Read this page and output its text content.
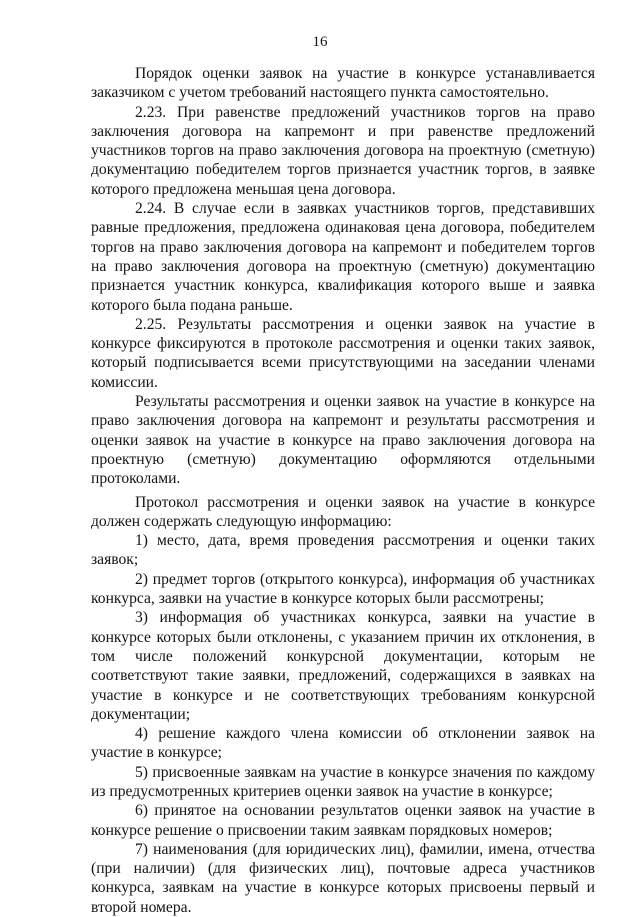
16

Порядок оценки заявок на участие в конкурсе устанавливается заказчиком с учетом требований настоящего пункта самостоятельно.

2.23. При равенстве предложений участников торгов на право заключения договора на капремонт и при равенстве предложений участников торгов на право заключения договора на проектную (сметную) документацию победителем торгов признается участник торгов, в заявке которого предложена меньшая цена договора.

2.24. В случае если в заявках участников торгов, представивших равные предложения, предложена одинаковая цена договора, победителем торгов на право заключения договора на капремонт и победителем торгов на право заключения договора на проектную (сметную) документацию признается участник конкурса, квалификация которого выше и заявка которого была подана раньше.

2.25. Результаты рассмотрения и оценки заявок на участие в конкурсе фиксируются в протоколе рассмотрения и оценки таких заявок, который подписывается всеми присутствующими на заседании членами комиссии.

Результаты рассмотрения и оценки заявок на участие в конкурсе на право заключения договора на капремонт и результаты рассмотрения и оценки заявок на участие в конкурсе на право заключения договора на проектную (сметную) документацию оформляются отдельными протоколами.

Протокол рассмотрения и оценки заявок на участие в конкурсе должен содержать следующую информацию:

1) место, дата, время проведения рассмотрения и оценки таких заявок;

2) предмет торгов (открытого конкурса), информация об участниках конкурса, заявки на участие в конкурсе которых были рассмотрены;

3) информация об участниках конкурса, заявки на участие в конкурсе которых были отклонены, с указанием причин их отклонения, в том числе положений конкурсной документации, которым не соответствуют такие заявки, предложений, содержащихся в заявках на участие в конкурсе и не соответствующих требованиям конкурсной документации;

4) решение каждого члена комиссии об отклонении заявок на участие в конкурсе;

5) присвоенные заявкам на участие в конкурсе значения по каждому из предусмотренных критериев оценки заявок на участие в конкурсе;

6) принятое на основании результатов оценки заявок на участие в конкурсе решение о присвоении таким заявкам порядковых номеров;

7) наименования (для юридических лиц), фамилии, имена, отчества (при наличии) (для физических лиц), почтовые адреса участников конкурса, заявкам на участие в конкурсе которых присвоены первый и второй номера.
